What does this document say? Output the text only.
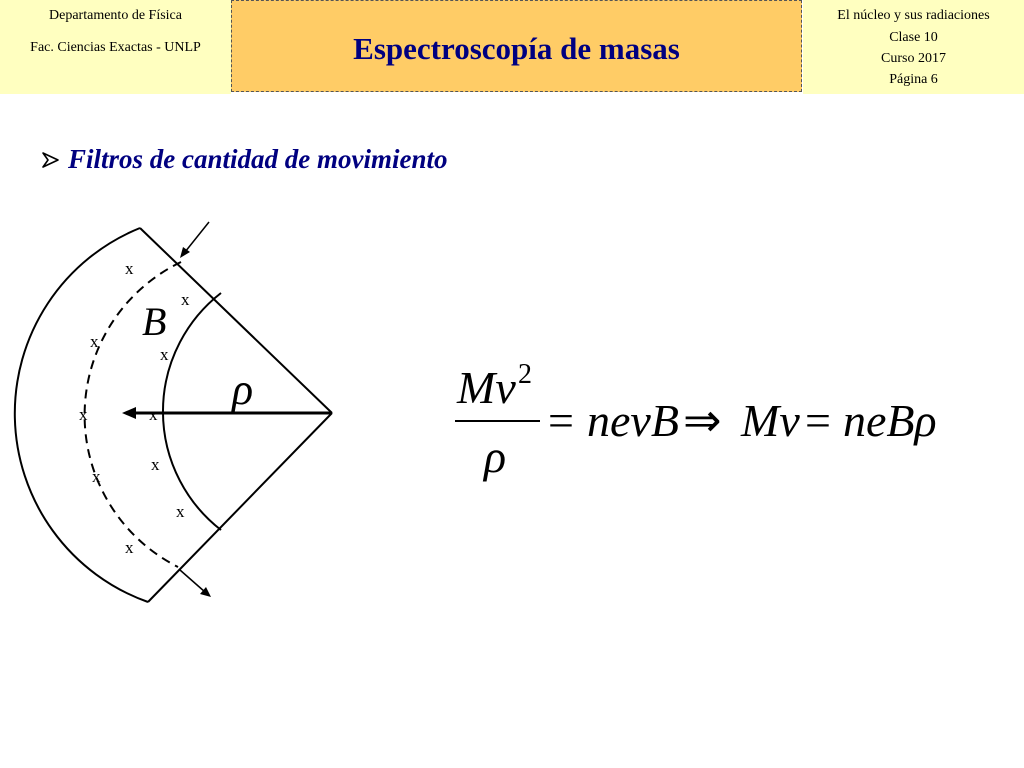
Departamento de Física
Fac. Ciencias Exactas - UNLP	Espectroscopía de masas
El núcleo y sus radiaciones
Clase 10
Curso 2017
Página 6
Filtros de cantidad de movimiento
x
x
x
x
x	x
x
x
x
x
B
ρ	Mv 2
ρ
= nevB ⇒ Mv = neBρ
